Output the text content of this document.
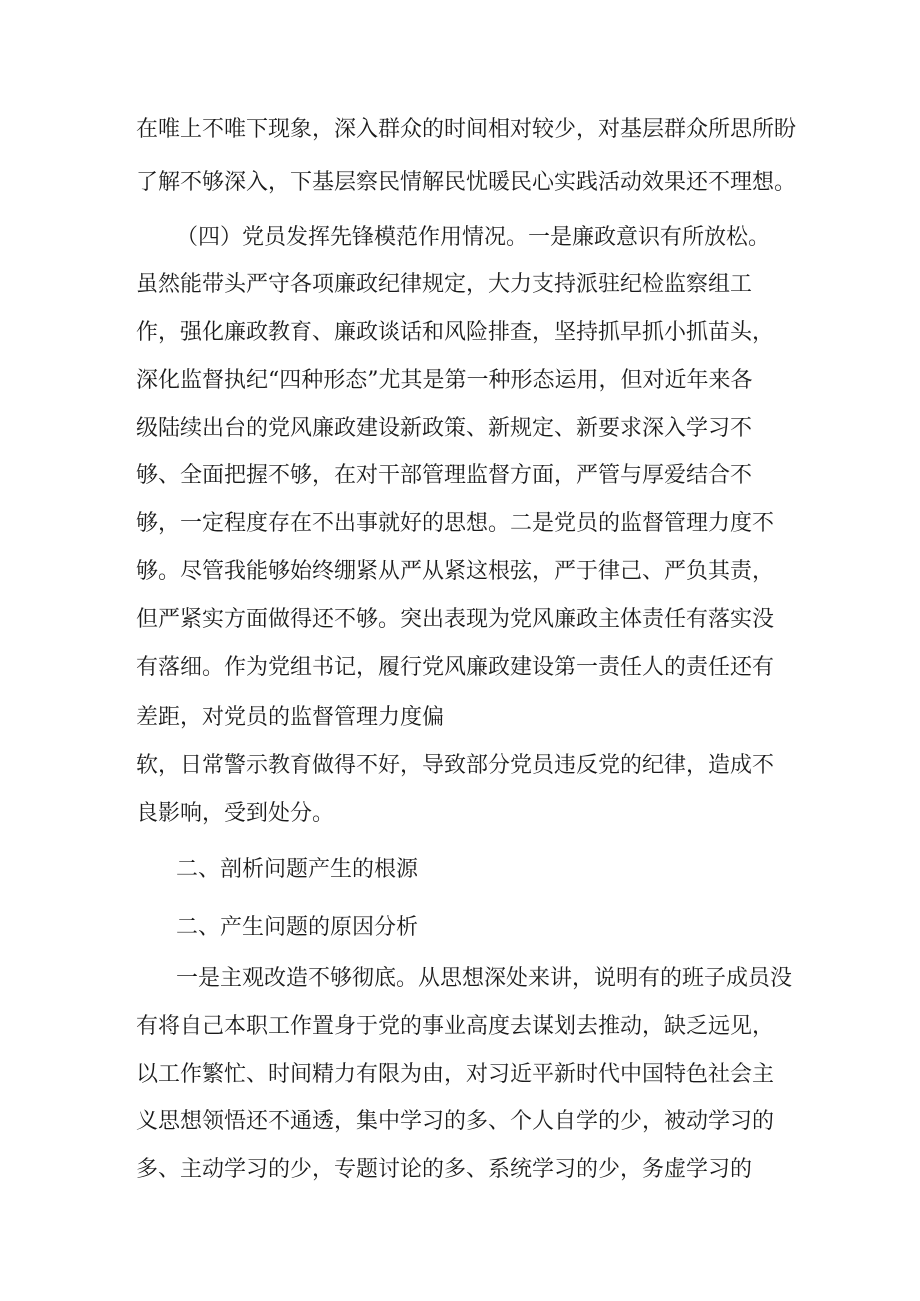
在唯上不唯下现象，深入群众的时间相对较少，对基层群众所思所盼
了解不够深入，下基层察民情解民忧暖民心实践活动效果还不理想。
（四）党员发挥先锋模范作用情况。一是廉政意识有所放松。
虽然能带头严守各项廉政纪律规定，大力支持派驻纪检监察组工
作，强化廉政教育、廉政谈话和风险排查，坚持抓早抓小抓苗头，
深化监督执纪“四种形态”尤其是第一种形态运用，但对近年来各
级陆续出台的党风廉政建设新政策、新规定、新要求深入学习不
够、全面把握不够，在对干部管理监督方面，严管与厚爱结合不
够，一定程度存在不出事就好的思想。二是党员的监督管理力度不
够。尽管我能够始终绷紧从严从紧这根弦，严于律己、严负其责，
但严紧实方面做得还不够。突出表现为党风廉政主体责任有落实没
有落细。作为党组书记，履行党风廉政建设第一责任人的责任还有
差距，对党员的监督管理力度偏
软，日常警示教育做得不好，导致部分党员违反党的纪律，造成不
良影响，受到处分。
二、剖析问题产生的根源
二、产生问题的原因分析
一是主观改造不够彻底。从思想深处来讲，说明有的班子成员没
有将自己本职工作置身于党的事业高度去谋划去推动，缺乏远见，
以工作繁忙、时间精力有限为由，对习近平新时代中国特色社会主
义思想领悟还不通透，集中学习的多、个人自学的少，被动学习的
多、主动学习的少，专题讨论的多、系统学习的少，务虚学习的
